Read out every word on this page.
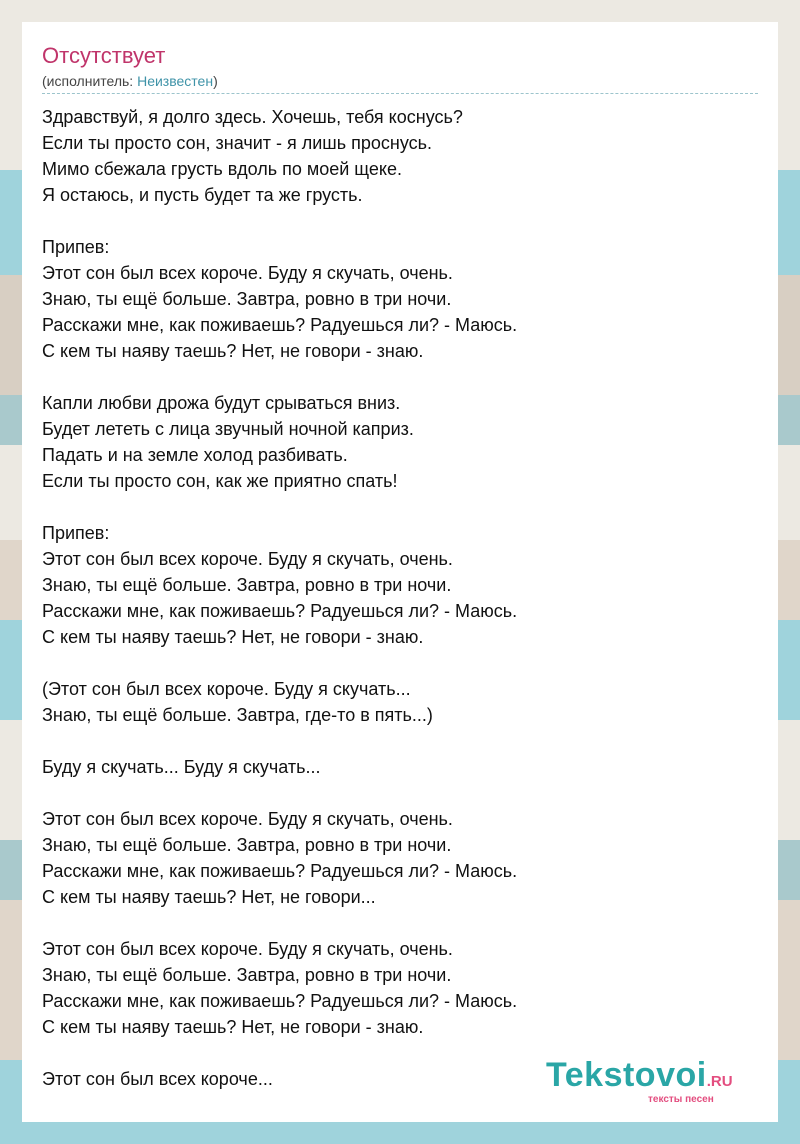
Отсутствует
(исполнитель: Неизвестен)
Здравствуй, я долго здесь. Хочешь, тебя коснусь?
Если ты просто сон, значит - я лишь проснусь.
Мимо сбежала грусть вдоль по моей щеке.
Я остаюсь, и пусть будет та же грусть.
Припев:
Этот сон был всех короче. Буду я скучать, очень.
Знаю, ты ещё больше. Завтра, ровно в три ночи.
Расскажи мне, как поживаешь? Радуешься ли? - Маюсь.
С кем ты наяву таешь? Нет, не говори - знаю.
Капли любви дрожа будут срываться вниз.
Будет лететь с лица звучный ночной каприз.
Падать и на земле холод разбивать.
Если ты просто сон, как же приятно спать!
Припев:
Этот сон был всех короче. Буду я скучать, очень.
Знаю, ты ещё больше. Завтра, ровно в три ночи.
Расскажи мне, как поживаешь? Радуешься ли? - Маюсь.
С кем ты наяву таешь? Нет, не говори - знаю.
(Этот сон был всех короче. Буду я скучать...
Знаю, ты ещё больше. Завтра, где-то в пять...)
Буду я скучать... Буду я скучать...
Этот сон был всех короче. Буду я скучать, очень.
Знаю, ты ещё больше. Завтра, ровно в три ночи.
Расскажи мне, как поживаешь? Радуешься ли? - Маюсь.
С кем ты наяву таешь? Нет, не говори...
Этот сон был всех короче. Буду я скучать, очень.
Знаю, ты ещё больше. Завтра, ровно в три ночи.
Расскажи мне, как поживаешь? Радуешься ли? - Маюсь.
С кем ты наяву таешь? Нет, не говори - знаю.
Этот сон был всех короче...	Tekstovoi.RU
тексты песен
